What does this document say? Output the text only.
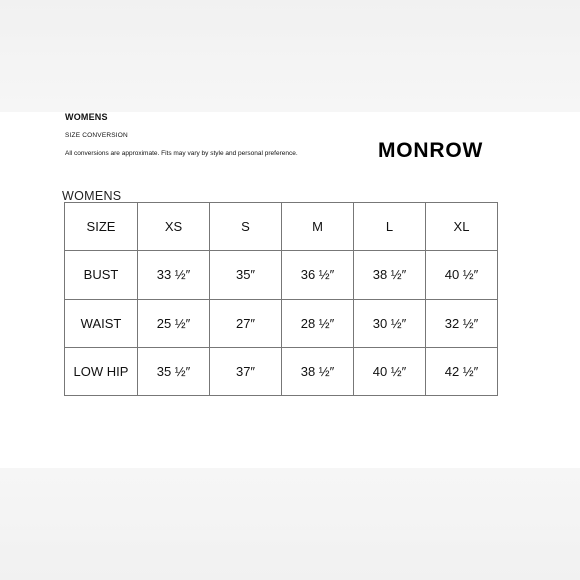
WOMENS
SIZE CONVERSION
All conversions are approximate. Fits may vary by style and personal preference.	MONROW
WOMENS
SIZE	XS	S	M	L	XL
BUST	33 ½″	35″	36 ½″	38 ½″	40 ½″
WAIST	25 ½″	27″	28 ½″	30 ½″	32 ½″
LOW HIP	35 ½″	37″	38 ½″	40 ½″	42 ½″
